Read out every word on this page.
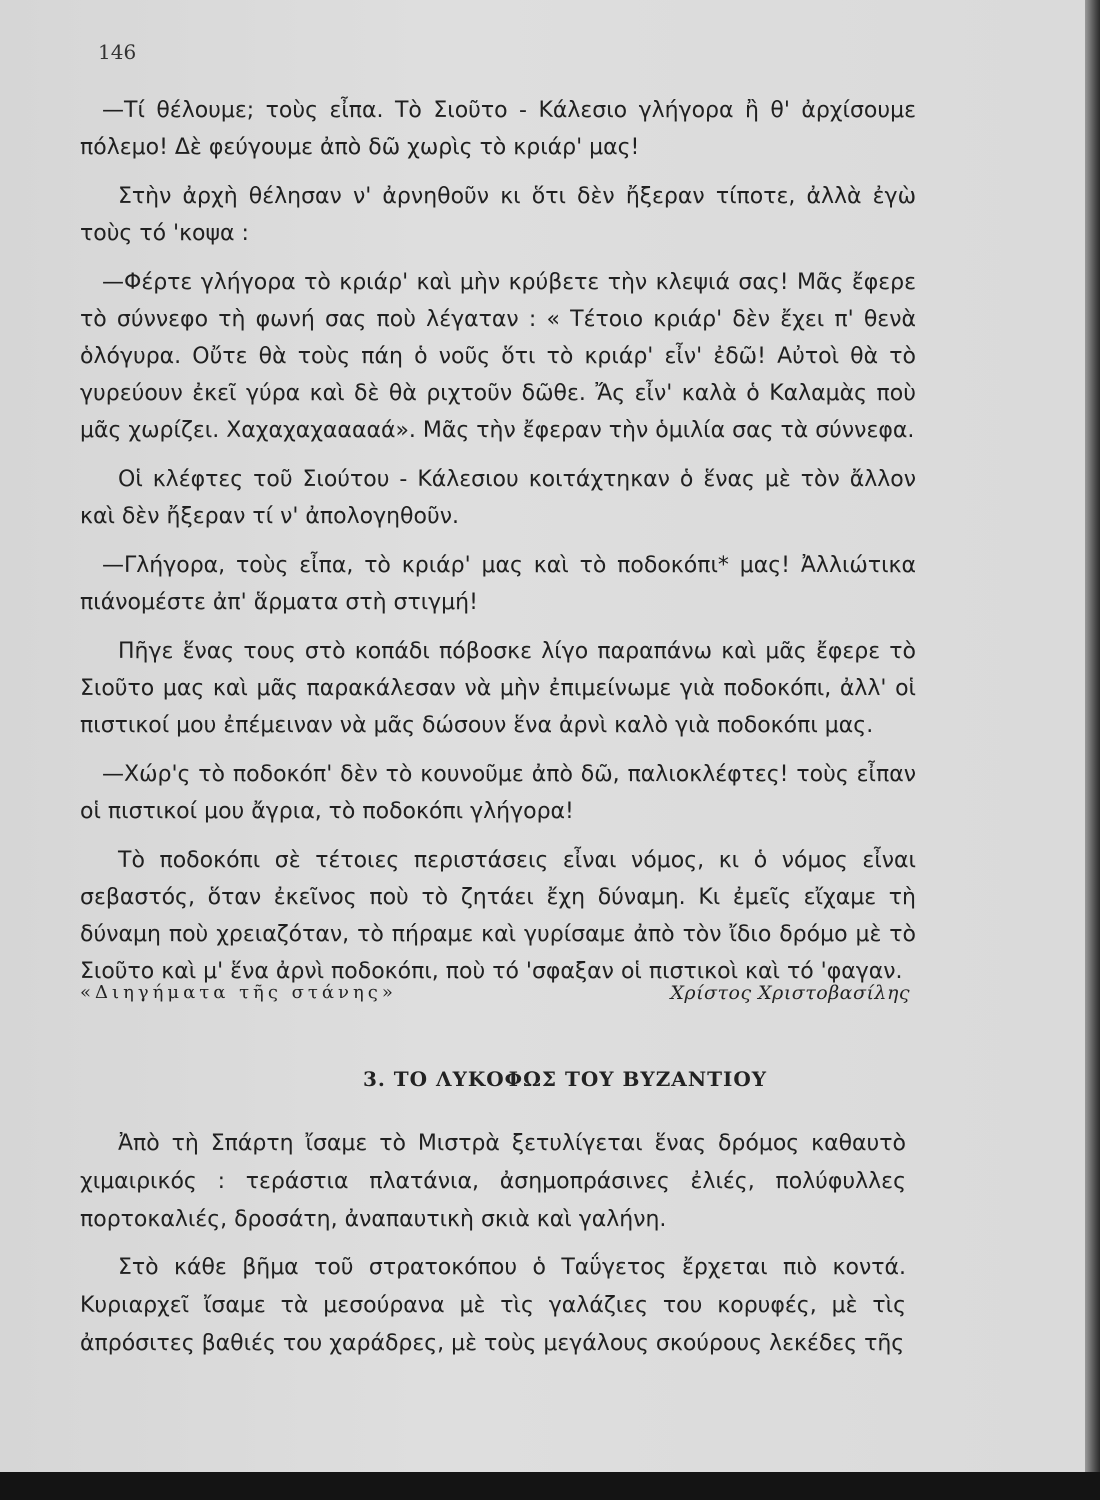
146

—Τί θέλουμε; τοὺς εἶπα. Τὸ Σιοῦτο - Κάλεσιο γλήγορα ἢ θ' ἀρχίσουμε πόλεμο! Δὲ φεύγουμε ἀπὸ δῶ χωρὶς τὸ κριάρ' μας!

Στὴν ἀρχὴ θέλησαν ν' ἀρνηθοῦν κι ὅτι δὲν ἤξεραν τίποτε, ἀλλὰ ἐγὼ τοὺς τό 'κοψα :

—Φέρτε γλήγορα τὸ κριάρ' καὶ μὴν κρύβετε τὴν κλεψιά σας! Μᾶς ἔφερε τὸ σύννεφο τὴ φωνή σας ποὺ λέγαταν : « Τέτοιο κριάρ' δὲν ἔχει π' θενὰ ὁλόγυρα. Οὔτε θὰ τοὺς πάη ὁ νοῦς ὅτι τὸ κριάρ' εἶν' ἐδῶ! Αὐτοὶ θὰ τὸ γυρεύουν ἐκεῖ γύρα καὶ δὲ θὰ ριχτοῦν δῶθε. Ἄς εἶν' καλὰ ὁ Καλαμὰς ποὺ μᾶς χωρίζει. Χαχαχαχααααά». Μᾶς τὴν ἔφεραν τὴν ὁμιλία σας τὰ σύννεφα.

Οἱ κλέφτες τοῦ Σιούτου - Κάλεσιου κοιτάχτηκαν ὁ ἕνας μὲ τὸν ἄλλον καὶ δὲν ἤξεραν τί ν' ἀπολογηθοῦν.

—Γλήγορα, τοὺς εἶπα, τὸ κριάρ' μας καὶ τὸ ποδοκόπι* μας! Ἀλλιώτικα πιάνομέστε ἀπ' ἅρματα στὴ στιγμή!

Πῆγε ἕνας τους στὸ κοπάδι πόβοσκε λίγο παραπάνω καὶ μᾶς ἔφερε τὸ Σιοῦτο μας καὶ μᾶς παρακάλεσαν νὰ μὴν ἐπιμείνωμε γιὰ ποδοκόπι, ἀλλ' οἱ πιστικοί μου ἐπέμειναν νὰ μᾶς δώσουν ἕνα ἀρνὶ καλὸ γιὰ ποδοκόπι μας.

—Χώρ'ς τὸ ποδοκόπ' δὲν τὸ κουνοῦμε ἀπὸ δῶ, παλιοκλέφτες! τοὺς εἶπαν οἱ πιστικοί μου ἄγρια, τὸ ποδοκόπι γλήγορα!

Τὸ ποδοκόπι σὲ τέτοιες περιστάσεις εἶναι νόμος, κι ὁ νόμος εἶναι σεβαστός, ὅταν ἐκεῖνος ποὺ τὸ ζητάει ἔχη δύναμη. Κι ἐμεῖς εἴχαμε τὴ δύναμη ποὺ χρειαζόταν, τὸ πήραμε καὶ γυρίσαμε ἀπὸ τὸν ἴδιο δρόμο μὲ τὸ Σιοῦτο καὶ μ' ἕνα ἀρνὶ ποδοκόπι, ποὺ τό 'σφαξαν οἱ πιστικοὶ καὶ τό 'φαγαν.

«Διηγήματα τῆς στάνης»	Χρίστος Χριστοβασίλης
3. ΤΟ ΛΥΚΟΦΩΣ ΤΟΥ ΒΥΖΑΝΤΙΟΥ

Ἀπὸ τὴ Σπάρτη ἴσαμε τὸ Μιστρὰ ξετυλίγεται ἕνας δρόμος καθαυτὸ χιμαιρικός : τεράστια πλατάνια, ἀσημοπράσινες ἐλιές, πολύφυλλες πορτοκαλιές, δροσάτη, ἀναπαυτικὴ σκιὰ καὶ γαλήνη.

Στὸ κάθε βῆμα τοῦ στρατοκόπου ὁ Ταΰγετος ἔρχεται πιὸ κοντά. Κυριαρχεῖ ἴσαμε τὰ μεσούρανα μὲ τὶς γαλάζιες του κορυφές, μὲ τὶς ἀπρόσιτες βαθιές του χαράδρες, μὲ τοὺς μεγάλους σκούρους λεκέδες τῆς
